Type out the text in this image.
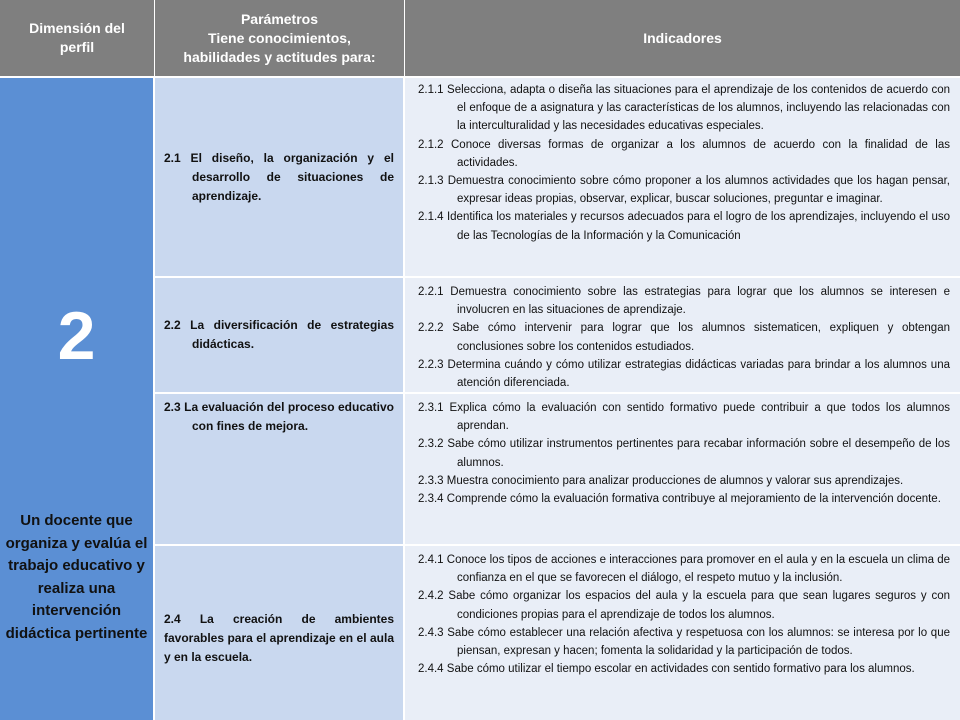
Dimensión del perfil
Parámetros
Tiene conocimientos,
habilidades y actitudes para:
Indicadores
2
Un docente que organiza y evalúa el trabajo educativo y realiza una intervención didáctica pertinente

2.1 El diseño, la organización y el desarrollo de situaciones de aprendizaje.

2.1.1 Selecciona, adapta o diseña las situaciones para el aprendizaje de los contenidos de acuerdo con el enfoque de a asignatura y las características de los alumnos, incluyendo las relacionadas con la interculturalidad y las necesidades educativas especiales.
2.1.2 Conoce diversas formas de organizar a los alumnos de acuerdo con la finalidad de las actividades.
2.1.3 Demuestra conocimiento sobre cómo proponer a los alumnos actividades que los hagan pensar, expresar ideas propias, observar, explicar, buscar soluciones, preguntar e imaginar.
2.1.4 Identifica los materiales y recursos adecuados para el logro de los aprendizajes, incluyendo el uso de las Tecnologías de la Información y la Comunicación

2.2 La diversificación de estrategias didácticas.

2.2.1 Demuestra conocimiento sobre las estrategias para lograr que los alumnos se interesen e involucren en las situaciones de aprendizaje.
2.2.2 Sabe cómo intervenir para lograr que los alumnos sistematicen, expliquen y obtengan conclusiones sobre los contenidos estudiados.
2.2.3 Determina cuándo y cómo utilizar estrategias didácticas variadas para brindar a los alumnos una atención diferenciada.

2.3 La evaluación del proceso educativo con fines de mejora.

2.3.1 Explica cómo la evaluación con sentido formativo puede contribuir a que todos los alumnos aprendan.
2.3.2 Sabe cómo utilizar instrumentos pertinentes para recabar información sobre el desempeño de los alumnos.
2.3.3 Muestra conocimiento para analizar producciones de alumnos y valorar sus aprendizajes.
2.3.4 Comprende cómo la evaluación formativa contribuye al mejoramiento de la intervención docente.

2.4 La creación de ambientes favorables para el aprendizaje en el aula y en la escuela.

2.4.1 Conoce los tipos de acciones e interacciones para promover en el aula y en la escuela un clima de confianza en el que se favorecen el diálogo, el respeto mutuo y la inclusión.
2.4.2 Sabe cómo organizar los espacios del aula y la escuela para que sean lugares seguros y con condiciones propias para el aprendizaje de todos los alumnos.
2.4.3 Sabe cómo establecer una relación afectiva y respetuosa con los alumnos: se interesa por lo que piensan, expresan y hacen; fomenta la solidaridad y la participación de todos.
2.4.4 Sabe cómo utilizar el tiempo escolar en actividades con sentido formativo para los alumnos.
